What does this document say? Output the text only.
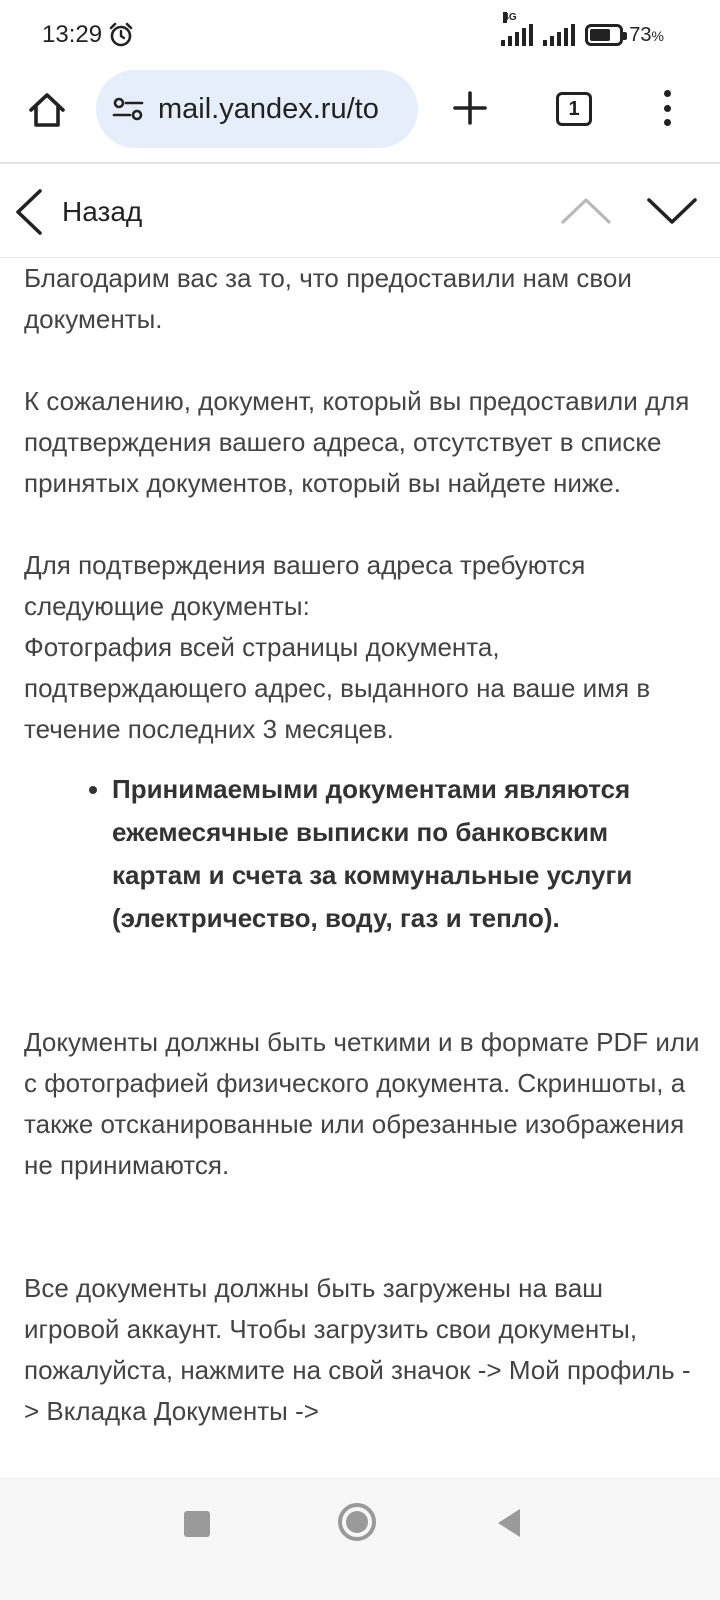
13:29
4G
73%
mail.yandex.ru/to	1
Назад

Благодарим вас за то, что предоставили нам свои документы.

К сожалению, документ, который вы предоставили для подтверждения вашего адреса, отсутствует в списке принятых документов, который вы найдете ниже.

Для подтверждения вашего адреса требуются следующие документы:

Фотография всей страницы документа, подтверждающего адрес, выданного на ваше имя в течение последних 3 месяцев.

• Принимаемыми документами являются ежемесячные выписки по банковским картам и счета за коммунальные услуги (электричество, воду, газ и тепло).

Документы должны быть четкими и в формате PDF или с фотографией физического документа. Скриншоты, а также отсканированные или обрезанные изображения не принимаются.

Все документы должны быть загружены на ваш игровой аккаунт. Чтобы загрузить свои документы, пожалуйста, нажмите на свой значок -> Мой профиль - > Вкладка Документы ->
